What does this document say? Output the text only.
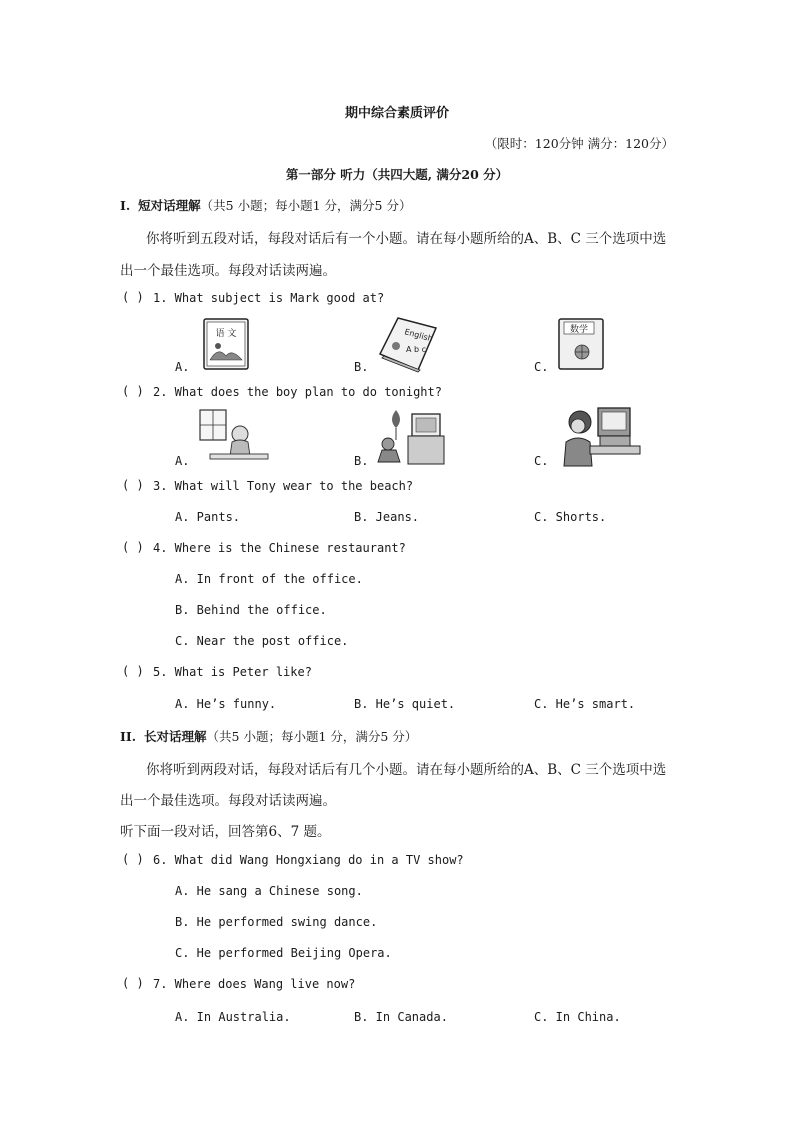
期中综合素质评价
（限时：120分钟 满分：120分）
第一部分 听力（共四大题, 满分20 分）
I. 短对话理解（共5 小题；每小题1 分，满分5 分）
你将听到五段对话，每段对话后有一个小题。请在每小题所给的A、B、C 三个选项中选
出一个最佳选项。每段对话读两遍。
( ) 1. What subject is Mark good at?
A.	B.	C.
语 文	English
A b c
数学
( ) 2. What does the boy plan to do tonight?
A.	B.	C.
( ) 3. What will Tony wear to the beach?
A. Pants.	B. Jeans.	C. Shorts.
( ) 4. Where is the Chinese restaurant?
A. In front of the office.
B. Behind the office.
C. Near the post office.
( ) 5. What is Peter like?
A. He’s funny.	B. He’s quiet.	C. He’s smart.
II. 长对话理解（共5 小题；每小题1 分，满分5 分）
你将听到两段对话，每段对话后有几个小题。请在每小题所给的A、B、C 三个选项中选
出一个最佳选项。每段对话读两遍。
听下面一段对话，回答第6、7 题。
( ) 6. What did Wang Hongxiang do in a TV show?
A. He sang a Chinese song.
B. He performed swing dance.
C. He performed Beijing Opera.
( ) 7. Where does Wang live now?
A. In Australia.	B. In Canada.	C. In China.
